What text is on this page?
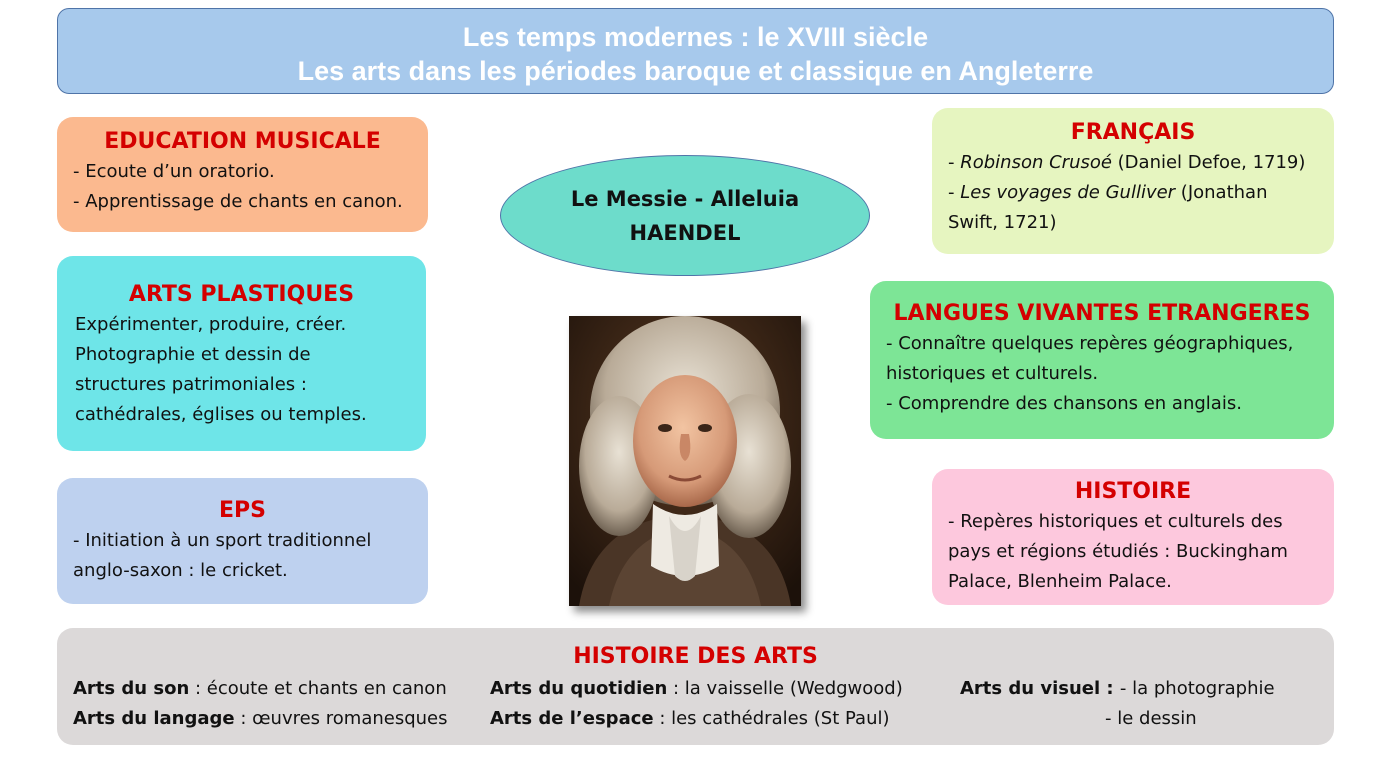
Les temps modernes : le XVIII siècle
Les arts dans les périodes baroque et classique en Angleterre
EDUCATION MUSICALE
- Ecoute d’un oratorio.
- Apprentissage de chants en canon.
ARTS PLASTIQUES
Expérimenter, produire, créer.
Photographie et dessin de
structures patrimoniales :
cathédrales, églises ou temples.
EPS
- Initiation à un sport traditionnel
anglo-saxon : le cricket.
Le Messie - Alleluia
HAENDEL
FRANÇAIS
- Robinson Crusoé (Daniel Defoe, 1719)
- Les voyages de Gulliver (Jonathan
Swift, 1721)
LANGUES VIVANTES ETRANGERES
- Connaître quelques repères géographiques,
historiques et culturels.
- Comprendre des chansons en anglais.
HISTOIRE
- Repères historiques et culturels des
pays et régions étudiés : Buckingham
Palace, Blenheim Palace.
HISTOIRE DES ARTS
Arts du son : écoute et chants en canon
Arts du langage : œuvres romanesques
Arts du quotidien : la vaisselle (Wedgwood)
Arts de l’espace : les cathédrales (St Paul)
Arts du visuel : - la photographie
- le dessin
